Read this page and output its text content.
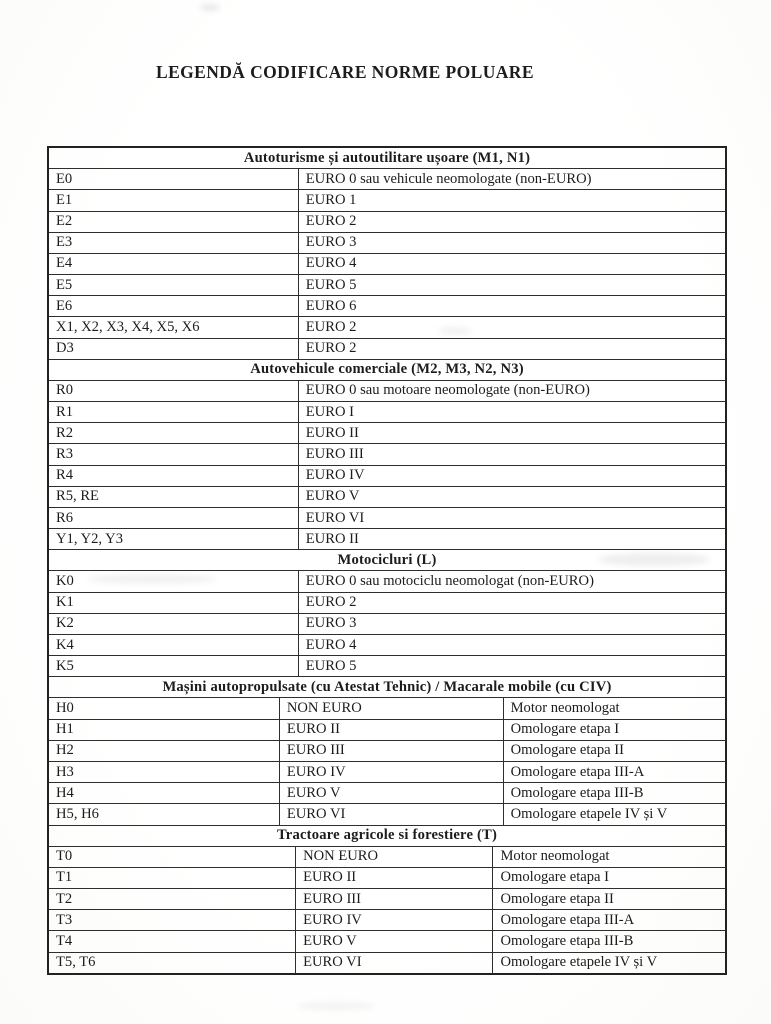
LEGENDĂ CODIFICARE NORME POLUARE
Autoturisme și autoutilitare ușoare (M1, N1)
E0	EURO 0 sau vehicule neomologate (non-EURO)
E1	EURO 1
E2	EURO 2
E3	EURO 3
E4	EURO 4
E5	EURO 5
E6	EURO 6
X1, X2, X3, X4, X5, X6	EURO 2
D3	EURO 2
Autovehicule comerciale (M2, M3, N2, N3)
R0	EURO 0 sau motoare neomologate (non-EURO)
R1	EURO I
R2	EURO II
R3	EURO III
R4	EURO IV
R5, RE	EURO V
R6	EURO VI
Y1, Y2, Y3	EURO II
Motocicluri (L)
K0	EURO 0 sau motociclu neomologat (non-EURO)
K1	EURO 2
K2	EURO 3
K4	EURO 4
K5	EURO 5
Mașini autopropulsate (cu Atestat Tehnic) / Macarale mobile (cu CIV)
H0	NON EURO	Motor neomologat
H1	EURO II	Omologare etapa I
H2	EURO III	Omologare etapa II
H3	EURO IV	Omologare etapa III-A
H4	EURO V	Omologare etapa III-B
H5, H6	EURO VI	Omologare etapele IV și V
Tractoare agricole si forestiere (T)
T0	NON EURO	Motor neomologat
T1	EURO II	Omologare etapa I
T2	EURO III	Omologare etapa II
T3	EURO IV	Omologare etapa III-A
T4	EURO V	Omologare etapa III-B
T5, T6	EURO VI	Omologare etapele IV și V
